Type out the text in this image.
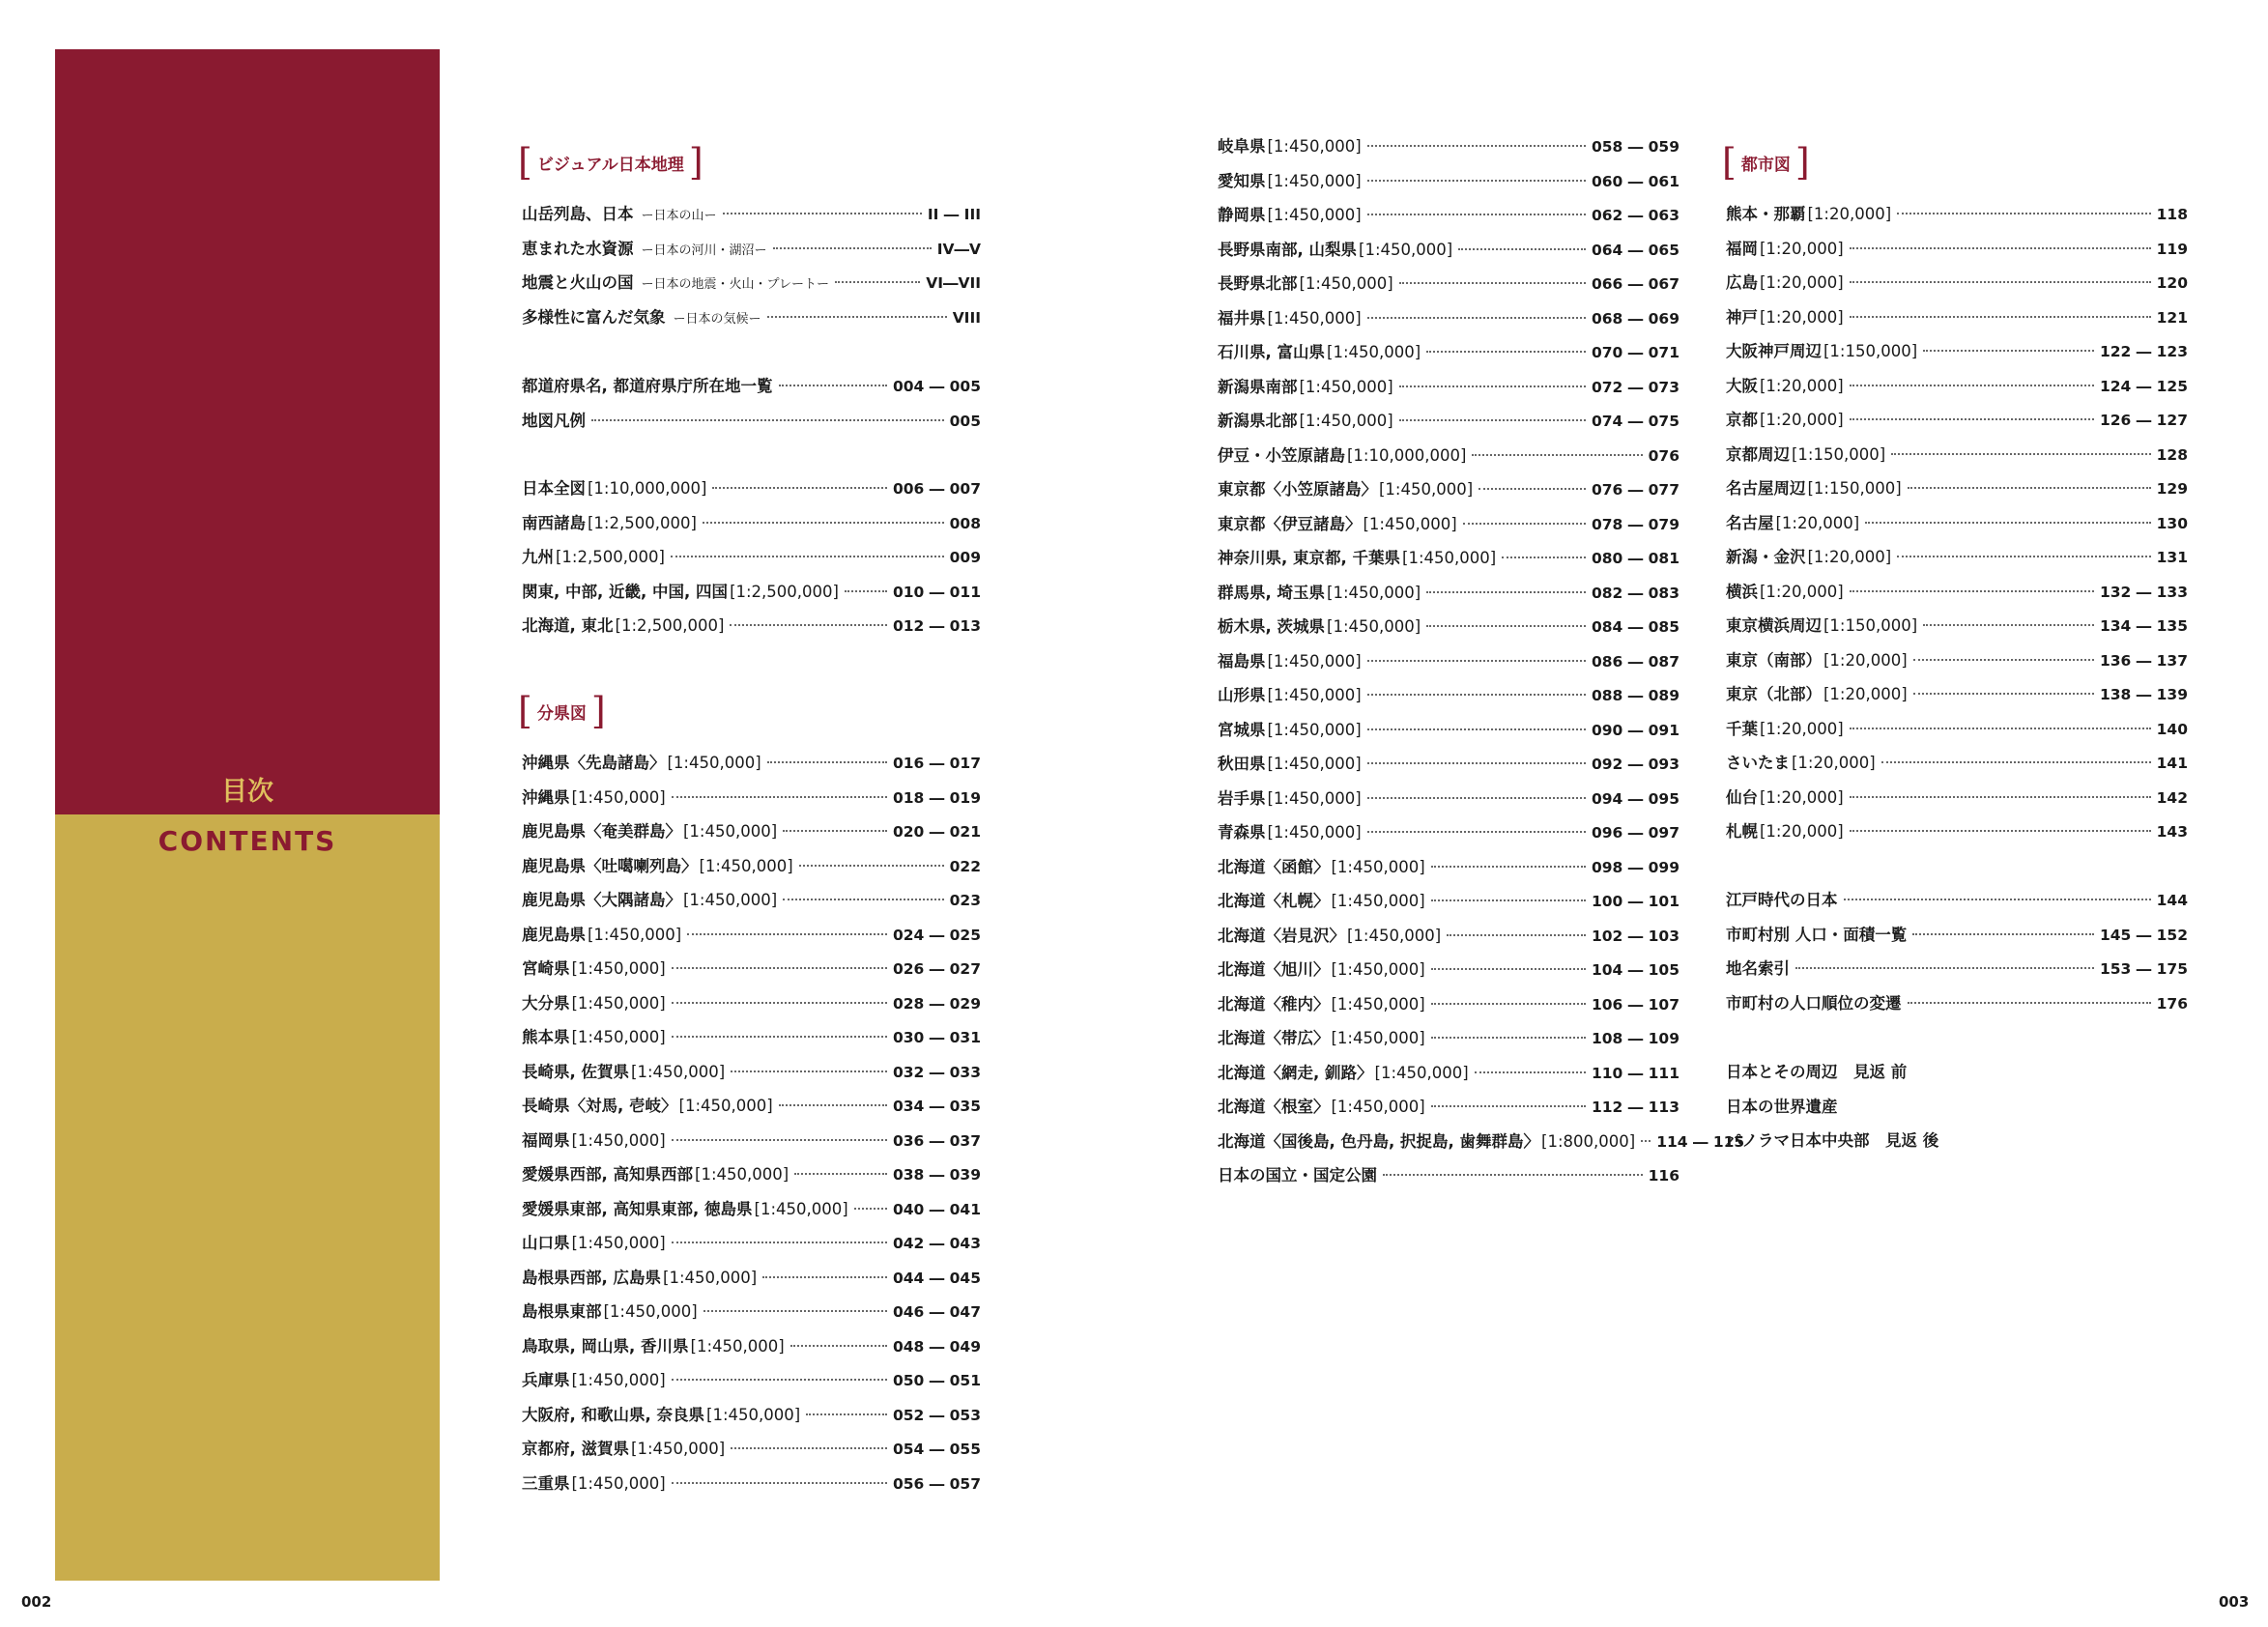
目次
CONTENTS
[ ビジュアル日本地理 ]
山岳列島、日本 ー日本の山ー	II ― III
恵まれた水資源 ー日本の河川・湖沼ー	IV―V
地震と火山の国 ー日本の地震・火山・プレートー	VI―VII
多様性に富んだ気象 ー日本の気候ー	VIII
都道府県名, 都道府県庁所在地一覧	004 ― 005
地図凡例	005
日本全図 [1:10,000,000]	006 ― 007
南西諸島 [1:2,500,000]	008
九州 [1:2,500,000]	009
関東, 中部, 近畿, 中国, 四国 [1:2,500,000]	010 ― 011
北海道, 東北 [1:2,500,000]	012 ― 013
[ 分県図 ]
沖縄県〈先島諸島〉 [1:450,000]	016 ― 017
沖縄県 [1:450,000]	018 ― 019
鹿児島県〈奄美群島〉 [1:450,000]	020 ― 021
鹿児島県〈吐噶喇列島〉 [1:450,000]	022
鹿児島県〈大隅諸島〉 [1:450,000]	023
鹿児島県 [1:450,000]	024 ― 025
宮崎県 [1:450,000]	026 ― 027
大分県 [1:450,000]	028 ― 029
熊本県 [1:450,000]	030 ― 031
長崎県, 佐賀県 [1:450,000]	032 ― 033
長崎県〈対馬, 壱岐〉 [1:450,000]	034 ― 035
福岡県 [1:450,000]	036 ― 037
愛媛県西部, 高知県西部 [1:450,000]	038 ― 039
愛媛県東部, 高知県東部, 徳島県 [1:450,000]	040 ― 041
山口県 [1:450,000]	042 ― 043
島根県西部, 広島県 [1:450,000]	044 ― 045
島根県東部 [1:450,000]	046 ― 047
鳥取県, 岡山県, 香川県 [1:450,000]	048 ― 049
兵庫県 [1:450,000]	050 ― 051
大阪府, 和歌山県, 奈良県 [1:450,000]	052 ― 053
京都府, 滋賀県 [1:450,000]	054 ― 055
三重県 [1:450,000]	056 ― 057
岐阜県 [1:450,000]	058 ― 059
愛知県 [1:450,000]	060 ― 061
静岡県 [1:450,000]	062 ― 063
長野県南部, 山梨県 [1:450,000]	064 ― 065
長野県北部 [1:450,000]	066 ― 067
福井県 [1:450,000]	068 ― 069
石川県, 富山県 [1:450,000]	070 ― 071
新潟県南部 [1:450,000]	072 ― 073
新潟県北部 [1:450,000]	074 ― 075
伊豆・小笠原諸島 [1:10,000,000]	076
東京都〈小笠原諸島〉 [1:450,000]	076 ― 077
東京都〈伊豆諸島〉 [1:450,000]	078 ― 079
神奈川県, 東京都, 千葉県 [1:450,000]	080 ― 081
群馬県, 埼玉県 [1:450,000]	082 ― 083
栃木県, 茨城県 [1:450,000]	084 ― 085
福島県 [1:450,000]	086 ― 087
山形県 [1:450,000]	088 ― 089
宮城県 [1:450,000]	090 ― 091
秋田県 [1:450,000]	092 ― 093
岩手県 [1:450,000]	094 ― 095
青森県 [1:450,000]	096 ― 097
北海道〈函館〉 [1:450,000]	098 ― 099
北海道〈札幌〉 [1:450,000]	100 ― 101
北海道〈岩見沢〉 [1:450,000]	102 ― 103
北海道〈旭川〉 [1:450,000]	104 ― 105
北海道〈稚内〉 [1:450,000]	106 ― 107
北海道〈帯広〉 [1:450,000]	108 ― 109
北海道〈網走, 釧路〉 [1:450,000]	110 ― 111
北海道〈根室〉 [1:450,000]	112 ― 113
北海道〈国後島, 色丹島, 択捉島, 歯舞群島〉 [1:800,000] 114 ― 115
日本の国立・国定公園	116
[ 都市図 ]
熊本・那覇 [1:20,000]	118
福岡 [1:20,000]	119
広島 [1:20,000]	120
神戸 [1:20,000]	121
大阪神戸周辺 [1:150,000]	122 ― 123
大阪 [1:20,000]	124 ― 125
京都 [1:20,000]	126 ― 127
京都周辺 [1:150,000]	128
名古屋周辺 [1:150,000]	129
名古屋 [1:20,000]	130
新潟・金沢 [1:20,000]	131
横浜 [1:20,000]	132 ― 133
東京横浜周辺 [1:150,000]	134 ― 135
東京（南部） [1:20,000]	136 ― 137
東京（北部） [1:20,000]	138 ― 139
千葉 [1:20,000]	140
さいたま [1:20,000]	141
仙台 [1:20,000]	142
札幌 [1:20,000]	143
江戸時代の日本	144
市町村別 人口・面積一覧	145 ― 152
地名索引	153 ― 175
市町村の人口順位の変遷	176
日本とその周辺　見返 前
日本の世界遺産
パノラマ日本中央部　見返 後
002	003
